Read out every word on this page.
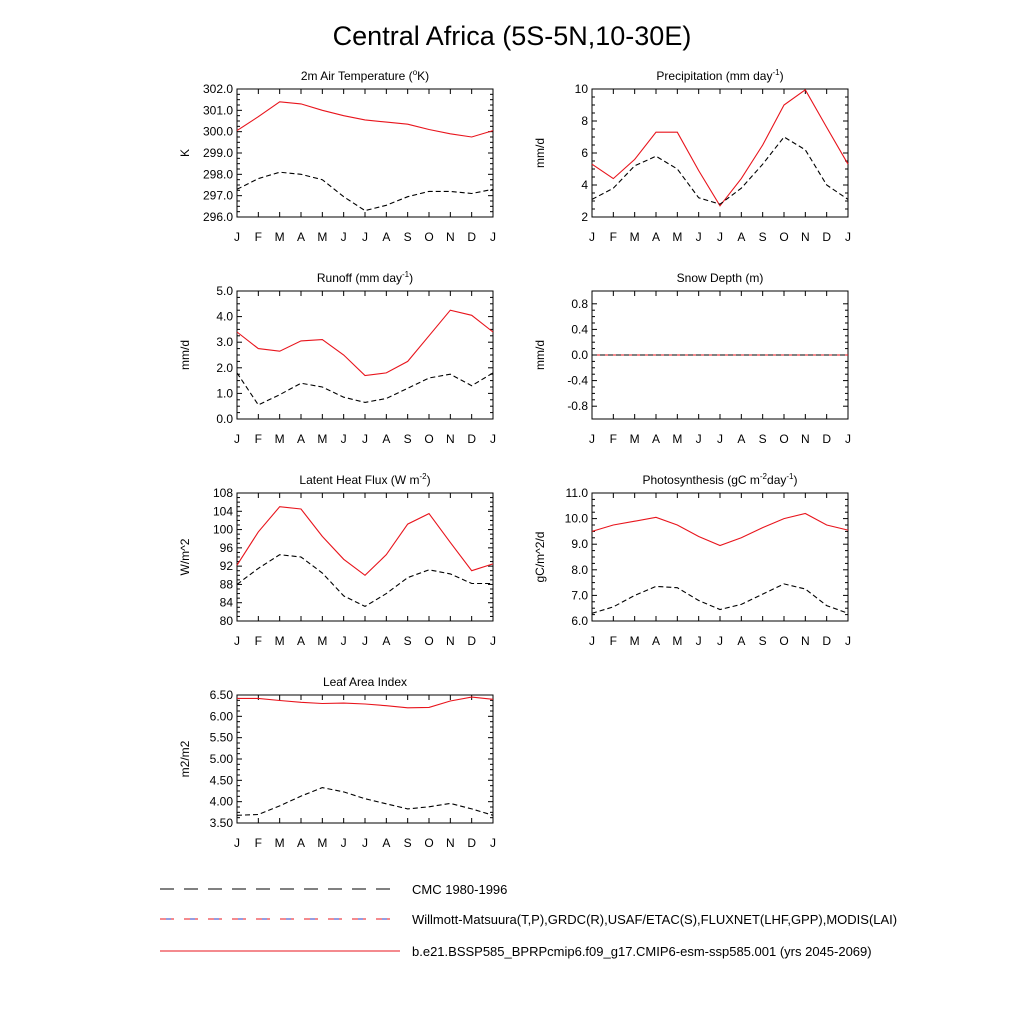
Central Africa (5S-5N,10-30E)
2m Air Temperature ($^o$K)
K
296.0
297.0
298.0
299.0
300.0
301.0
302.0
J F M A M J J A S O N D J
Precipitation (mm day$^{-1}$)
mm/d
2
4
6
8
10
J F M A M J J A S O N D J
Runoff (mm day$^{-1}$)
mm/d
0.0
1.0
2.0
3.0
4.0
5.0
J F M A M J J A S O N D J
Snow Depth (m)
mm/d
-0.8
-0.4
0.0
0.4
0.8
J F M A M J J A S O N D J
Latent Heat Flux (W $m^{-2}$)
W/m^2
80
84
88
92
96
100
104
108
J F M A M J J A S O N D J
Photosynthesis (gC $m^{-2}day^{-1}$)
gC/m^2/d
6.0
7.0
8.0
9.0
10.0
11.0
J F M A M J J A S O N D J
Leaf Area Index
m2/m2
3.50
4.00
4.50
5.00
5.50
6.00
6.50
J F M A M J J A S O N D J
CMC 1980-1996
Willmott-Matsuura(T,P),GRDC(R),USAF/ETAC(S),FLUXNET(LHF,GPP),MODIS(LAI)
b.e21.BSSP585_BPRPcmip6.f09_g17.CMIP6-esm-ssp585.001 (yrs 2045-2069)
